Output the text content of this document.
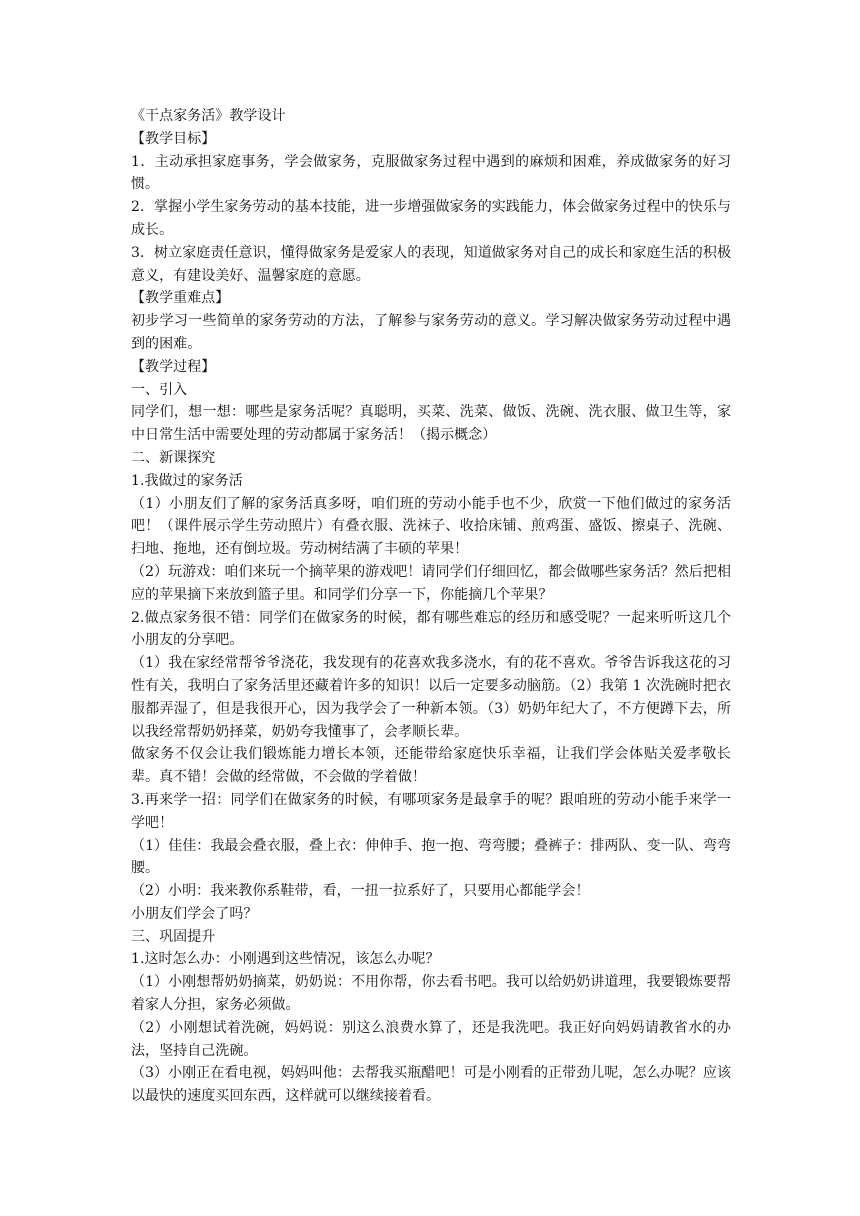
《干点家务活》教学设计

【教学目标】

1．主动承担家庭事务，学会做家务，克服做家务过程中遇到的麻烦和困难，养成做家务的好习惯。

2．掌握小学生家务劳动的基本技能，进一步增强做家务的实践能力，体会做家务过程中的快乐与成长。

3．树立家庭责任意识，懂得做家务是爱家人的表现，知道做家务对自己的成长和家庭生活的积极意义，有建设美好、温馨家庭的意愿。

【教学重难点】

初步学习一些简单的家务劳动的方法，了解参与家务劳动的意义。学习解决做家务劳动过程中遇到的困难。

【教学过程】

一、引入

同学们，想一想：哪些是家务活呢？真聪明，买菜、洗菜、做饭、洗碗、洗衣服、做卫生等，家中日常生活中需要处理的劳动都属于家务活！（揭示概念）

二、新课探究

1.我做过的家务活

（1）小朋友们了解的家务活真多呀，咱们班的劳动小能手也不少，欣赏一下他们做过的家务活吧！（课件展示学生劳动照片）有叠衣服、洗袜子、收拾床铺、煎鸡蛋、盛饭、擦桌子、洗碗、扫地、拖地，还有倒垃圾。劳动树结满了丰硕的苹果！

（2）玩游戏：咱们来玩一个摘苹果的游戏吧！请同学们仔细回忆，都会做哪些家务活？然后把相应的苹果摘下来放到篮子里。和同学们分享一下，你能摘几个苹果？

2.做点家务很不错：同学们在做家务的时候，都有哪些难忘的经历和感受呢？一起来听听这几个小朋友的分享吧。

（1）我在家经常帮爷爷浇花，我发现有的花喜欢我多浇水，有的花不喜欢。爷爷告诉我这花的习性有关，我明白了家务活里还藏着许多的知识！以后一定要多动脑筋。（2）我第 1 次洗碗时把衣服都弄湿了，但是我很开心，因为我学会了一种新本领。（3）奶奶年纪大了，不方便蹲下去，所以我经常帮奶奶择菜，奶奶夸我懂事了，会孝顺长辈。

做家务不仅会让我们锻炼能力增长本领，还能带给家庭快乐幸福，让我们学会体贴关爱孝敬长辈。真不错！会做的经常做，不会做的学着做！

3.再来学一招：同学们在做家务的时候，有哪项家务是最拿手的呢？跟咱班的劳动小能手来学一学吧！

（1）佳佳：我最会叠衣服，叠上衣：伸伸手、抱一抱、弯弯腰；叠裤子：排两队、变一队、弯弯腰。

（2）小明：我来教你系鞋带，看，一扭一拉系好了，只要用心都能学会！

小朋友们学会了吗？

三、巩固提升

1.这时怎么办：小刚遇到这些情况，该怎么办呢？

（1）小刚想帮奶奶摘菜，奶奶说：不用你帮，你去看书吧。我可以给奶奶讲道理，我要锻炼要帮着家人分担，家务必须做。

（2）小刚想试着洗碗，妈妈说：别这么浪费水算了，还是我洗吧。我正好向妈妈请教省水的办法，坚持自己洗碗。

（3）小刚正在看电视，妈妈叫他：去帮我买瓶醋吧！可是小刚看的正带劲儿呢，怎么办呢？应该以最快的速度买回东西，这样就可以继续接着看。
